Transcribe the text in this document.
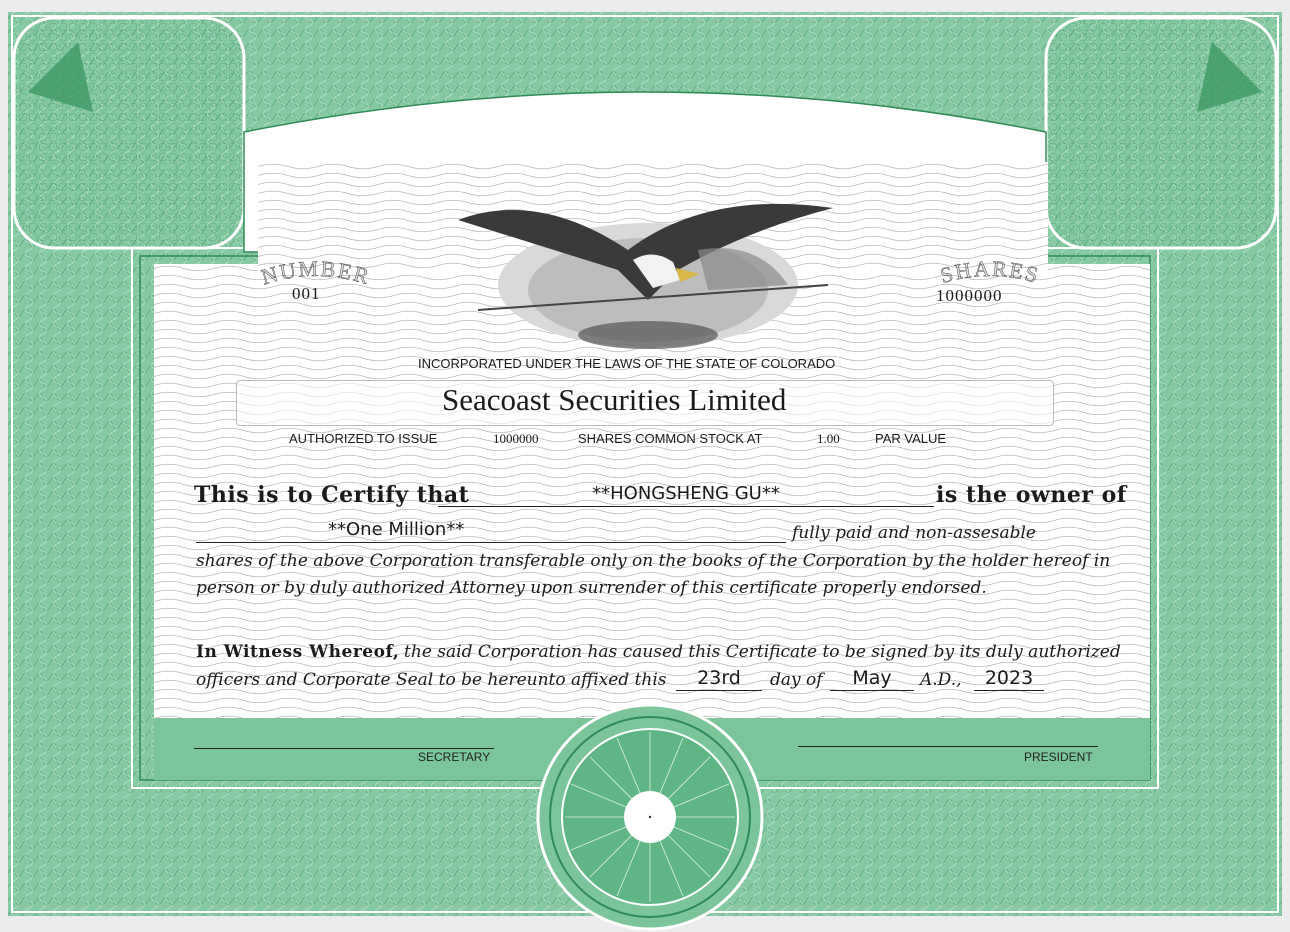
NUMBER
001
SHARES
1000000
INCORPORATED UNDER THE LAWS OF THE STATE OF COLORADO
Seacoast Securities Limited
AUTHORIZED TO ISSUE	1000000	SHARES COMMON STOCK AT	1.00	PAR VALUE
This is to Certify that	**HONGSHENG GU**	is the owner of
**One Million**	fully paid and non-assesable
shares of the above Corporation transferable only on the books of the Corporation by the holder hereof in
person or by duly authorized Attorney upon surrender of this certificate properly endorsed.
In Witness Whereof, the said Corporation has caused this Certificate to be signed by its duly authorized
officers and Corporate Seal to be hereunto affixed this	23rd	day of	May	A.D.,	2023
SECRETARY	PRESIDENT
